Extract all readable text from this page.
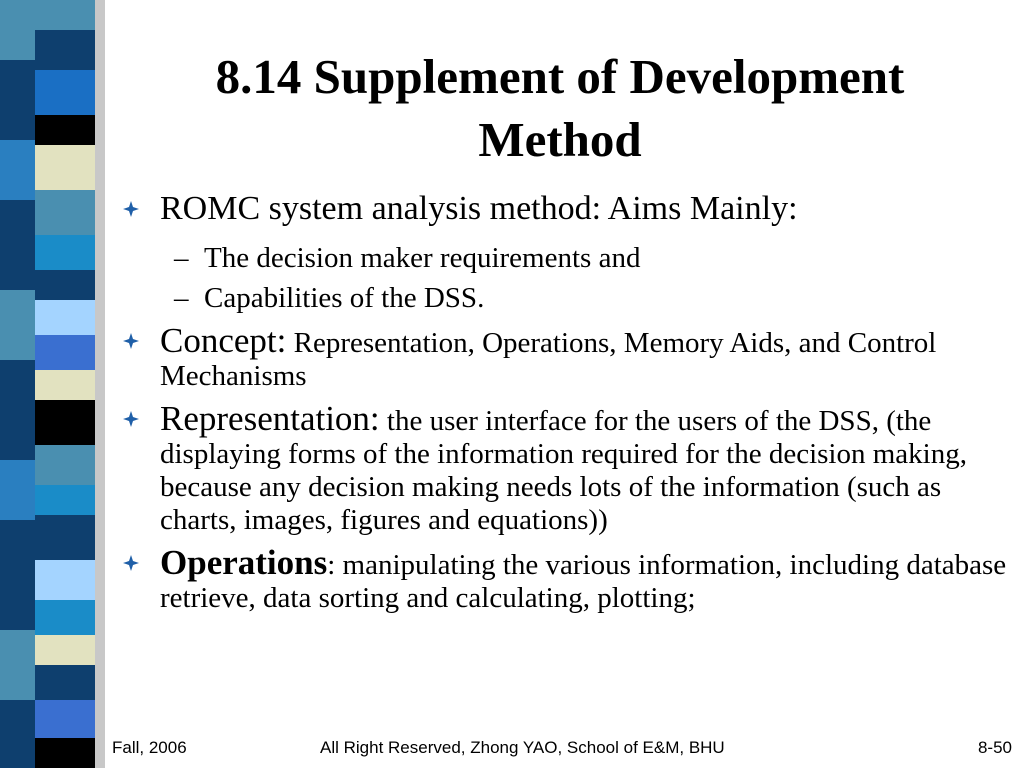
8.14 Supplement of Development
Method
ROMC system analysis method: Aims Mainly:
– The decision maker requirements and
– Capabilities of the DSS.
Concept: Representation, Operations, Memory Aids, and Control Mechanisms
Representation: the user interface for the users of the DSS, (the displaying forms of the information required for the decision making, because any decision making needs lots of the information (such as charts, images, figures and equations))
Operations: manipulating the various information, including database retrieve, data sorting and calculating, plotting;
Fall, 2006	All Right Reserved, Zhong YAO, School of E&M, BHU	8-50
